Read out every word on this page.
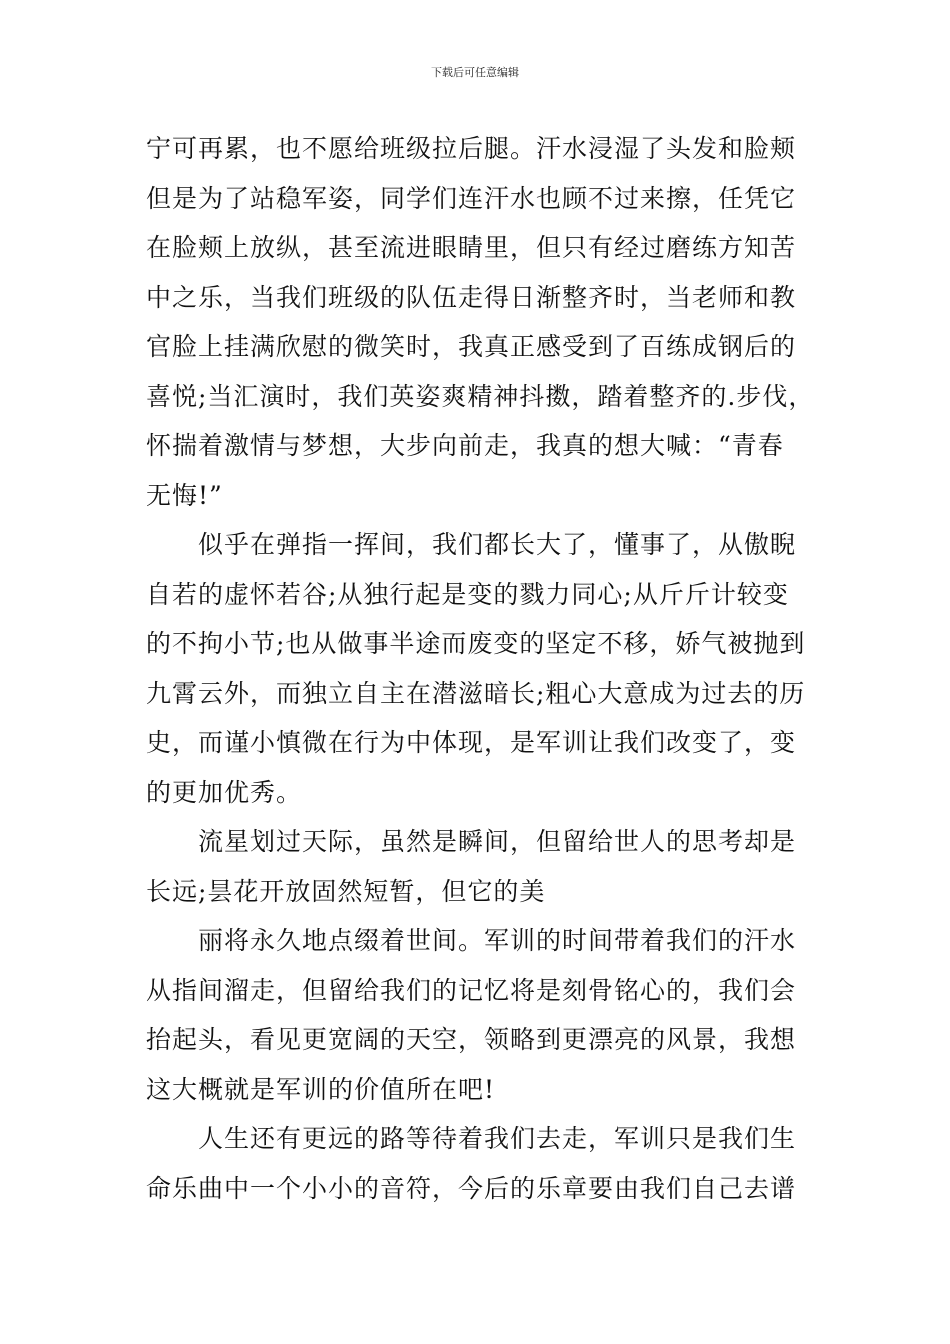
下载后可任意编辑
宁可再累，也不愿给班级拉后腿。汗水浸湿了头发和脸颊
但是为了站稳军姿，同学们连汗水也顾不过来擦，任凭它
在脸颊上放纵，甚至流进眼睛里，但只有经过磨练方知苦
中之乐，当我们班级的队伍走得日渐整齐时，当老师和教
官脸上挂满欣慰的微笑时，我真正感受到了百练成钢后的
喜悦;当汇演时，我们英姿爽精神抖擞，踏着整齐的.步伐，
怀揣着激情与梦想，大步向前走，我真的想大喊：“青春
无悔!”
似乎在弹指一挥间，我们都长大了，懂事了，从傲睨
自若的虚怀若谷;从独行起是变的戮力同心;从斤斤计较变
的不拘小节;也从做事半途而废变的坚定不移，娇气被抛到
九霄云外，而独立自主在潜滋暗长;粗心大意成为过去的历
史，而谨小慎微在行为中体现，是军训让我们改变了，变
的更加优秀。
流星划过天际，虽然是瞬间，但留给世人的思考却是
长远;昙花开放固然短暂，但它的美
丽将永久地点缀着世间。军训的时间带着我们的汗水
从指间溜走，但留给我们的记忆将是刻骨铭心的，我们会
抬起头，看见更宽阔的天空，领略到更漂亮的风景，我想
这大概就是军训的价值所在吧!
人生还有更远的路等待着我们去走，军训只是我们生
命乐曲中一个小小的音符，今后的乐章要由我们自己去谱
